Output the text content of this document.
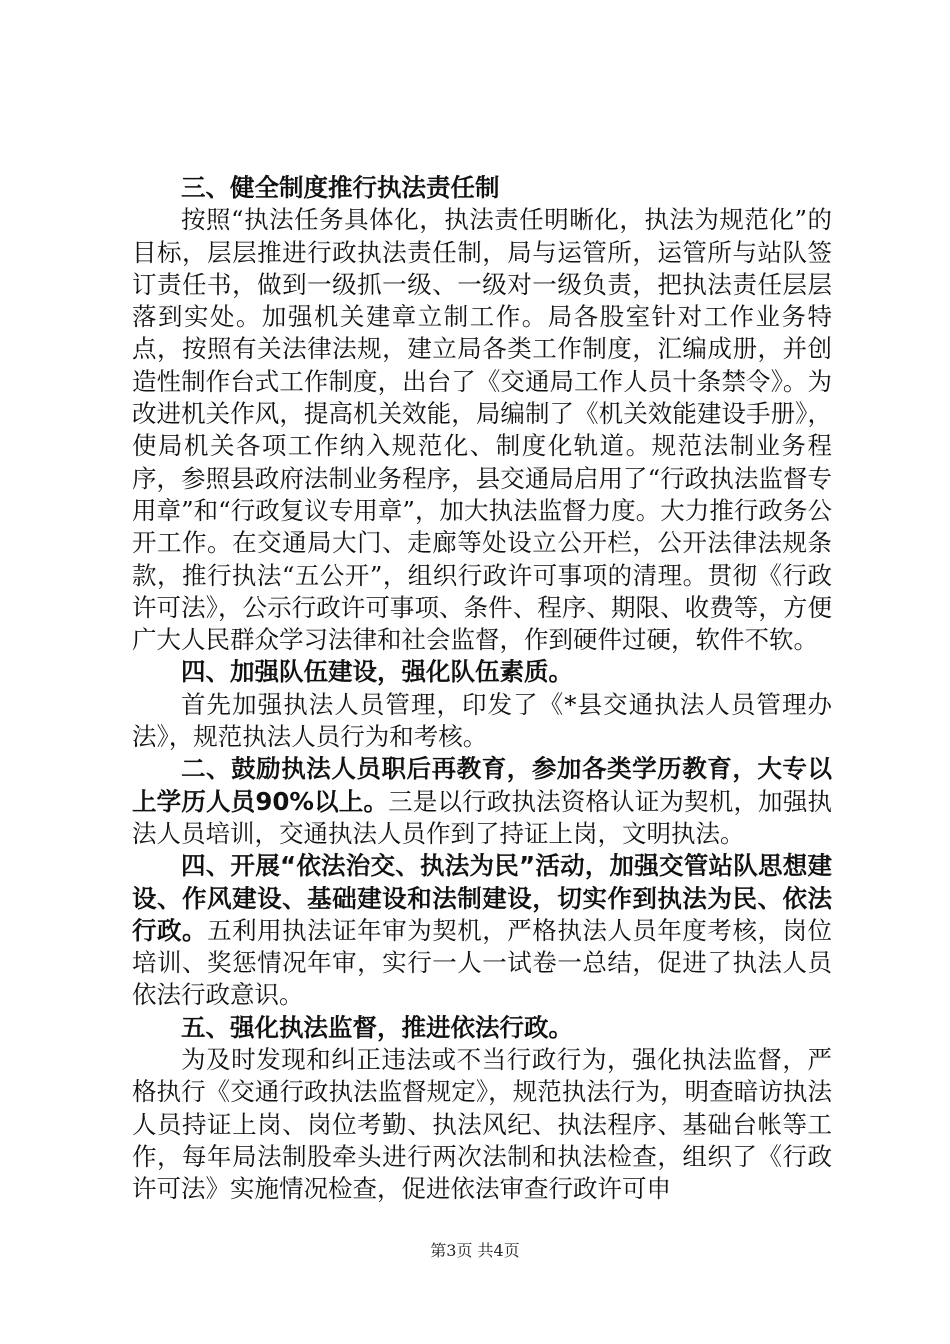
三、健全制度推行执法责任制

按照“执法任务具体化，执法责任明晰化，执法为规范化”的目标，层层推进行政执法责任制，局与运管所，运管所与站队签订责任书，做到一级抓一级、一级对一级负责，把执法责任层层落到实处。加强机关建章立制工作。局各股室针对工作业务特点，按照有关法律法规，建立局各类工作制度，汇编成册，并创造性制作台式工作制度，出台了《交通局工作人员十条禁令》。为改进机关作风，提高机关效能，局编制了《机关效能建设手册》，使局机关各项工作纳入规范化、制度化轨道。规范法制业务程序，参照县政府法制业务程序，县交通局启用了“行政执法监督专用章”和“行政复议专用章”，加大执法监督力度。大力推行政务公开工作。在交通局大门、走廊等处设立公开栏，公开法律法规条款，推行执法“五公开”，组织行政许可事项的清理。贯彻《行政许可法》，公示行政许可事项、条件、程序、期限、收费等，方便广大人民群众学习法律和社会监督，作到硬件过硬，软件不软。

四、加强队伍建设，强化队伍素质。

首先加强执法人员管理，印发了《*县交通执法人员管理办法》，规范执法人员行为和考核。

二、鼓励执法人员职后再教育，参加各类学历教育，大专以上学历人员90%以上。三是以行政执法资格认证为契机，加强执法人员培训，交通执法人员作到了持证上岗，文明执法。

四、开展“依法治交、执法为民”活动，加强交管站队思想建设、作风建设、基础建设和法制建设，切实作到执法为民、依法行政。五利用执法证年审为契机，严格执法人员年度考核，岗位培训、奖惩情况年审，实行一人一试卷一总结，促进了执法人员依法行政意识。

五、强化执法监督，推进依法行政。

为及时发现和纠正违法或不当行政行为，强化执法监督，严格执行《交通行政执法监督规定》，规范执法行为，明查暗访执法人员持证上岗、岗位考勤、执法风纪、执法程序、基础台帐等工作，每年局法制股牵头进行两次法制和执法检查，组织了《行政许可法》实施情况检查，促进依法审查行政许可申

第3页 共4页
